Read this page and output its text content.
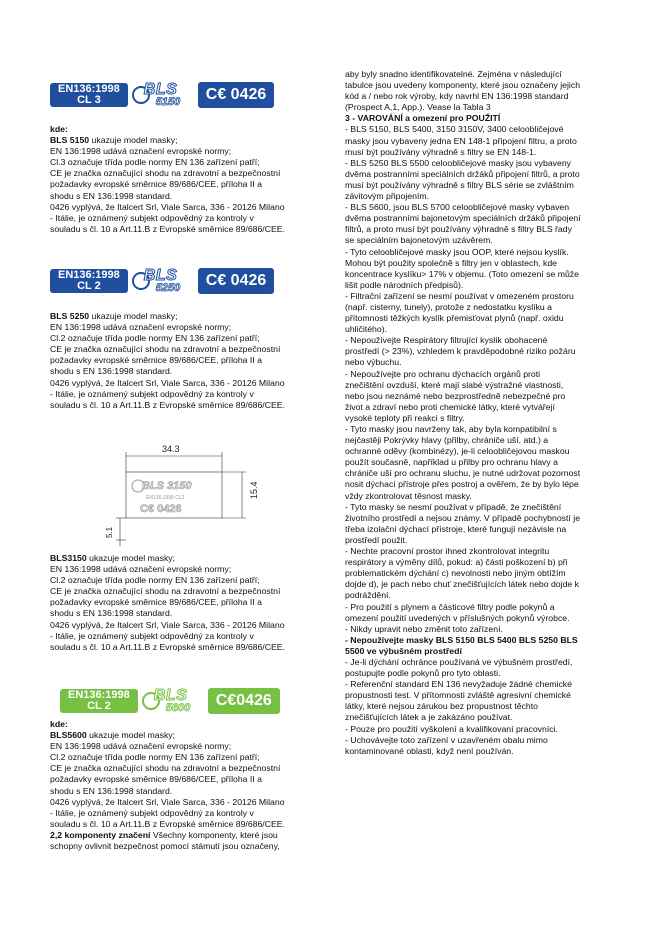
EN136:1998
CL 3
BLS
5150	C€ 0426
EN136:1998
CL 2
BLS
5250	C€ 0426
EN136:1998
CL 2
BLS
5600	C€0426

kde:

BLS 5150 ukazuje model masky;

EN 136:1998 udává označení evropské normy;
Cl.3 označuje třída podle normy EN 136 zařízení patří;
CE je značka označující shodu na zdravotní a bezpečnostní
požadavky evropské směrnice 89/686/CEE, příloha II a
shodu s EN 136:1998 standard.
0426 vyplývá, že Italcert Srl, Viale Sarca, 336 - 20126 Milano
- Itálie, je oznámený subjekt odpovědný za kontroly v
souladu s čl. 10 a Art.11.B z Evropské směrnice 89/686/CEE.

BLS 5250 ukazuje model masky;

EN 136:1998 udává označení evropské normy;
Cl.2 označuje třída podle normy EN 136 zařízení patří;
CE je značka označující shodu na zdravotní a bezpečnostní
požadavky evropské směrnice 89/686/CEE, příloha II a
shodu s EN 136:1998 standard.
0426 vyplývá, že Italcert Srl, Viale Sarca, 336 - 20126 Milano
- Itálie, je oznámený subjekt odpovědný za kontroly v
souladu s čl. 10 a Art.11.B z Evropské směrnice 89/686/CEE.

34.3
15.4
5.1
BLS 3150
EN136:1998 CL2
C€ 0426

BLS3150 ukazuje model masky;

EN 136:1998 udává označení evropské normy;
Cl.2 označuje třída podle normy EN 136 zařízení patří;
CE je značka označující shodu na zdravotní a bezpečnostní
požadavky evropské směrnice 89/686/CEE, příloha II a
shodu s EN 136:1998 standard.
0426 vyplývá, že Italcert Srl, Viale Sarca, 336 - 20126 Milano
- Itálie, je oznámený subjekt odpovědný za kontroly v
souladu s čl. 10 a Art.11.B z Evropské směrnice 89/686/CEE.

kde:

BLS5600 ukazuje model masky;

EN 136:1998 udává označení evropské normy;
Cl.2 označuje třída podle normy EN 136 zařízení patří;
CE je značka označující shodu na zdravotní a bezpečnostní
požadavky evropské směrnice 89/686/CEE, příloha II a
shodu s EN 136:1998 standard.
0426 vyplývá, že Italcert Srl, Viale Sarca, 336 - 20126 Milano
- Itálie, je oznámený subjekt odpovědný za kontroly v
souladu s čl. 10 a Art.11.B z Evropské směrnice 89/686/CEE.

2,2 komponenty značení Všechny komponenty, které jsou
schopny ovlivnit bezpečnost pomocí stámutí jsou označeny,

aby byly snadno identifikovatelné. Zejména v následující
tabulce jsou uvedeny komponenty, které jsou označeny jejich
kód a / nebo rok výroby, kdy navrhl EN 136:1998 standard
(Prospect A,1, App.). Vease la Tabla 3

3 - VAROVÁNÍ a omezení pro POUŽITÍ

- BLS 5150, BLS 5400, 3150 3150V, 3400 celoobličejové
masky jsou vybaveny jedna EN 148-1 připojení filtru, a proto
musí být používány výhradně s filtry se EN 148-1.

- BLS 5250 BLS 5500 celoobličejové masky jsou vybaveny
dvěma postranními speciálních držáků připojení filtrů, a proto
musí být používány výhradně s filtry BLS série se zvláštním
závitovým připojením.

- BLS 5600, jsou BLS 5700 celoobličejové masky vybaven
dvěma postranními bajonetovým speciálních držáků připojení
filtrů, a proto musí být používány výhradně s filtry BLS řady
se speciálním bajonetovým uzávěrem.

- Tyto celoobličejové masky jsou OOP, které nejsou kyslík.
Mohou být použity společně s filtry jen v oblastech, kde
koncentrace kyslíku> 17% v objemu. (Toto omezení se může
lišit podle národních předpisů).
- Filtrační zařízení se nesmí používat v omezeném prostoru
(např. cisterny, tunely), protože z nedostatku kyslíku a
přítomnosti těžkých kyslík přemisťovat plynů (např. oxidu
uhličitého).
- Nepoužívejte Respirátory filtrující kyslík obohacené
prostředí (> 23%), vzhledem k pravděpodobné riziko požáru
nebo výbuchu.
- Nepoužívejte pro ochranu dýchacích orgánů proti
znečištění ovzduší, které mají slabé výstražné vlastnosti,
nebo jsou neznámé nebo bezprostředně nebezpečné pro
život a zdraví nebo proti chemické látky, které vytvářejí
vysoké teploty při reakci s filtry.
- Tyto masky jsou navrženy tak, aby byla kompatibilní s
nejčastěji Pokrývky hlavy (přilby, chrániče uší, atd.) a
ochranné oděvy (kombinézy), je-li celoobličejovou maskou
použít současně, například u přilby pro ochranu hlavy a
chrániče uší pro ochranu sluchu, je nutné udržovat pozornost
nosit dýchací přístroje přes postroj a ověřem, že by bylo lépe
vždy zkontrolovat těsnost masky.
- Tyto masky se nesmí používat v případě, že znečištění
životního prostředí a nejsou známy. V případě pochybností je
třeba izolační dýchací přístroje, které fungují nezávisle na
prostředí použit.
- Nechte pracovní prostor ihned zkontrolovat integritu
respirátory a výměny dílů, pokud: a) části poškození b) při
problematickém dýchání c) nevolnosti nebo jiným obtížím
dojde d), je pach nebo chuť znečišťujících látek nebo dojde k
podráždění.
- Pro použití s plynem a částicové filtry podle pokynů a
omezení použití uvedených v příslušných pokynů výrobce.
- Nikdy upravit nebo změnit toto zařízení.

- Nepoužívejte masky BLS 5150 BLS 5400 BLS 5250 BLS
5500 ve výbušném prostředí

- Je-li dýchání ochránce používaná ve výbušném prostředí,
postupujte podle pokynů pro tyto oblasti.
- Referenční standard EN 136 nevyžaduje žádné chemické
propustnosti test. V přítomnosti zvláště agresivní chemické
látky, které nejsou zárukou bez propustnost těchto
znečišťujících látek a je zakázáno používat.
- Pouze pro použití vyškolení a kvalifikovaní pracovníci.
- Uchovávejte toto zařízení v uzavřeném obalu mimo
kontaminované oblasti, když není používán.
